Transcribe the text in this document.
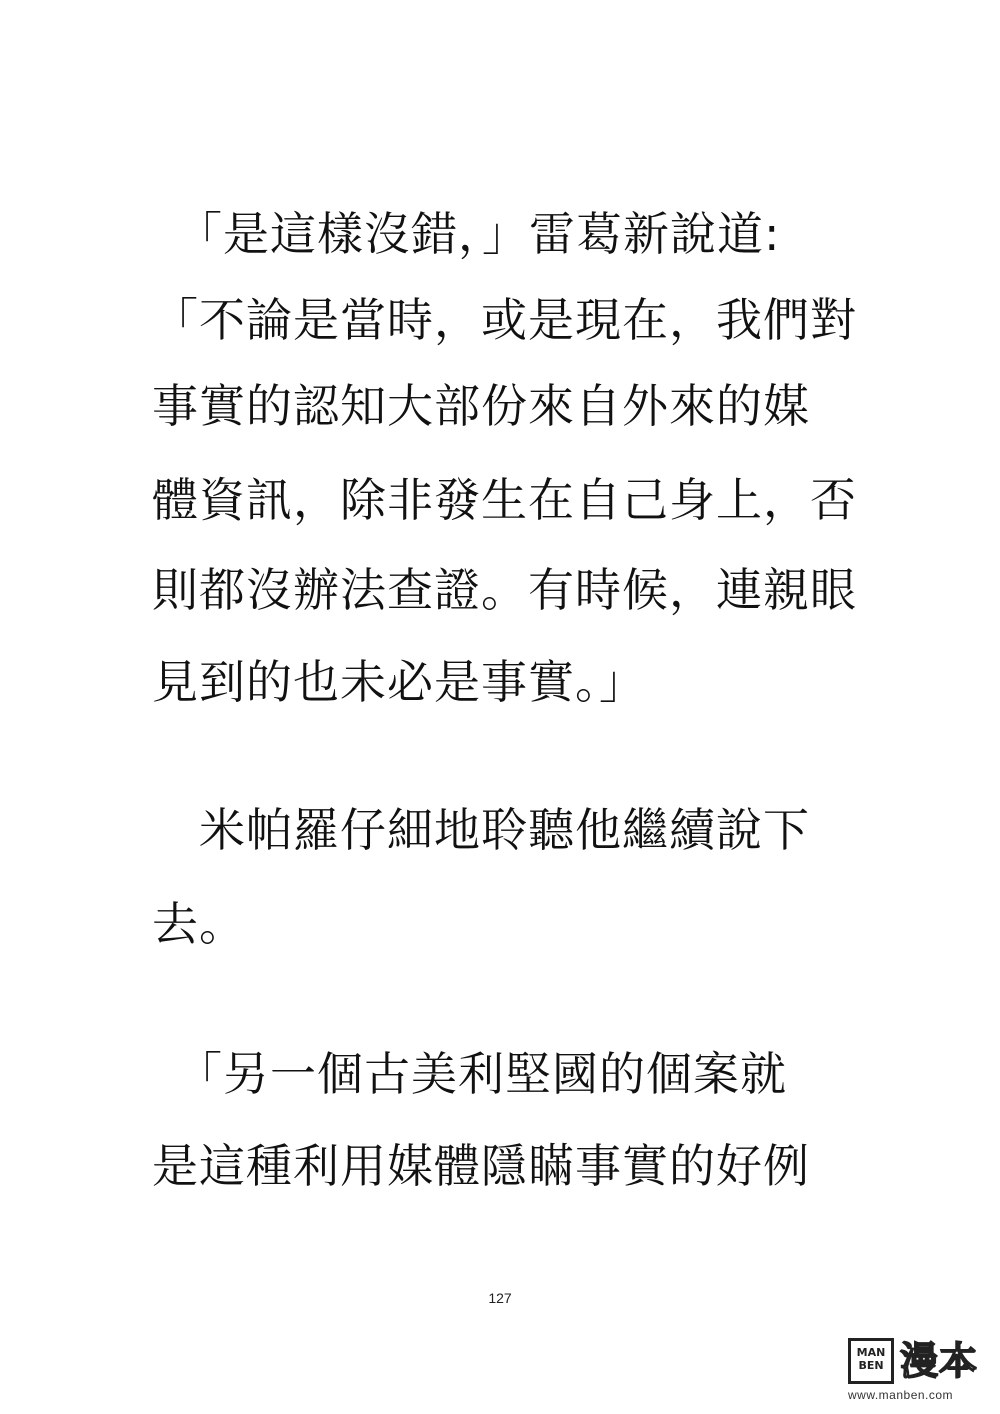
　「是這樣沒錯，」雷葛新說道:
「不論是當時，或是現在，我們對
事實的認知大部份來自外來的媒
體資訊，除非發生在自己身上，否
則都沒辦法查證。有時候，連親眼
見到的也未必是事實。」
　米帕羅仔細地聆聽他繼續說下
去。
　「另一個古美利堅國的個案就
是這種利用媒體隱瞞事實的好例
127
MAN BEN 漫本
www.manben.com
